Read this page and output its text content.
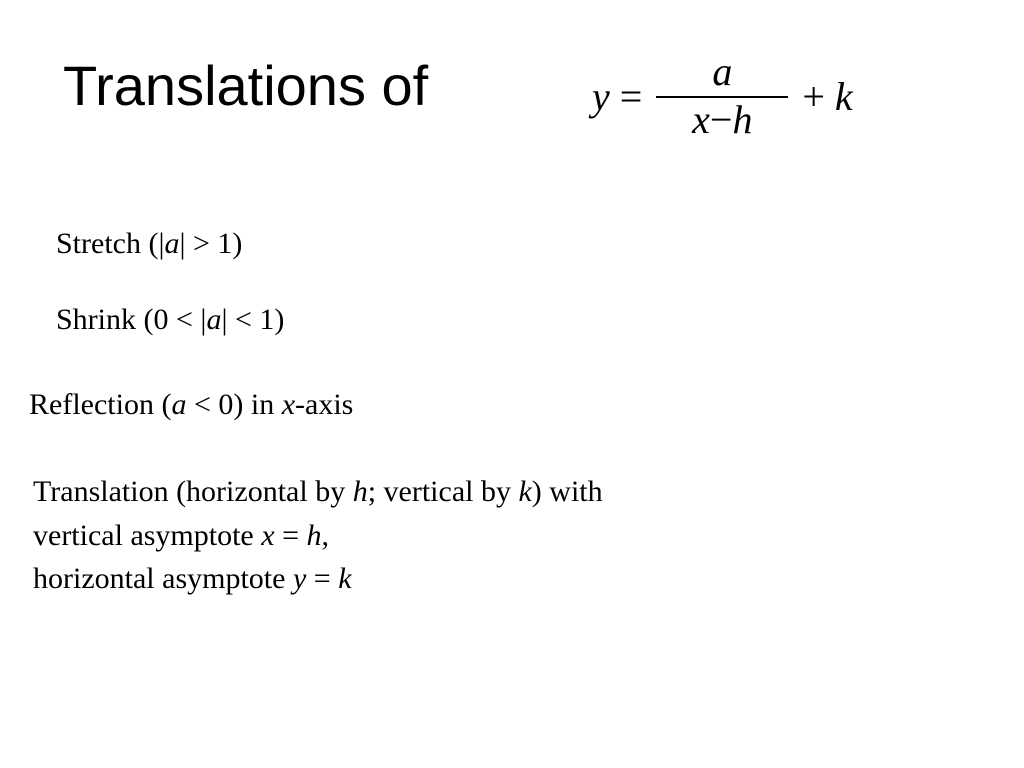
Translations of	$y = \frac{a}{x-h} + k$

Stretch (|a| > 1)

Shrink (0 < |a| < 1)

Reflection (a < 0) in x-axis

Translation (horizontal by h; vertical by k) with
vertical asymptote x = h,
horizontal asymptote y = k
